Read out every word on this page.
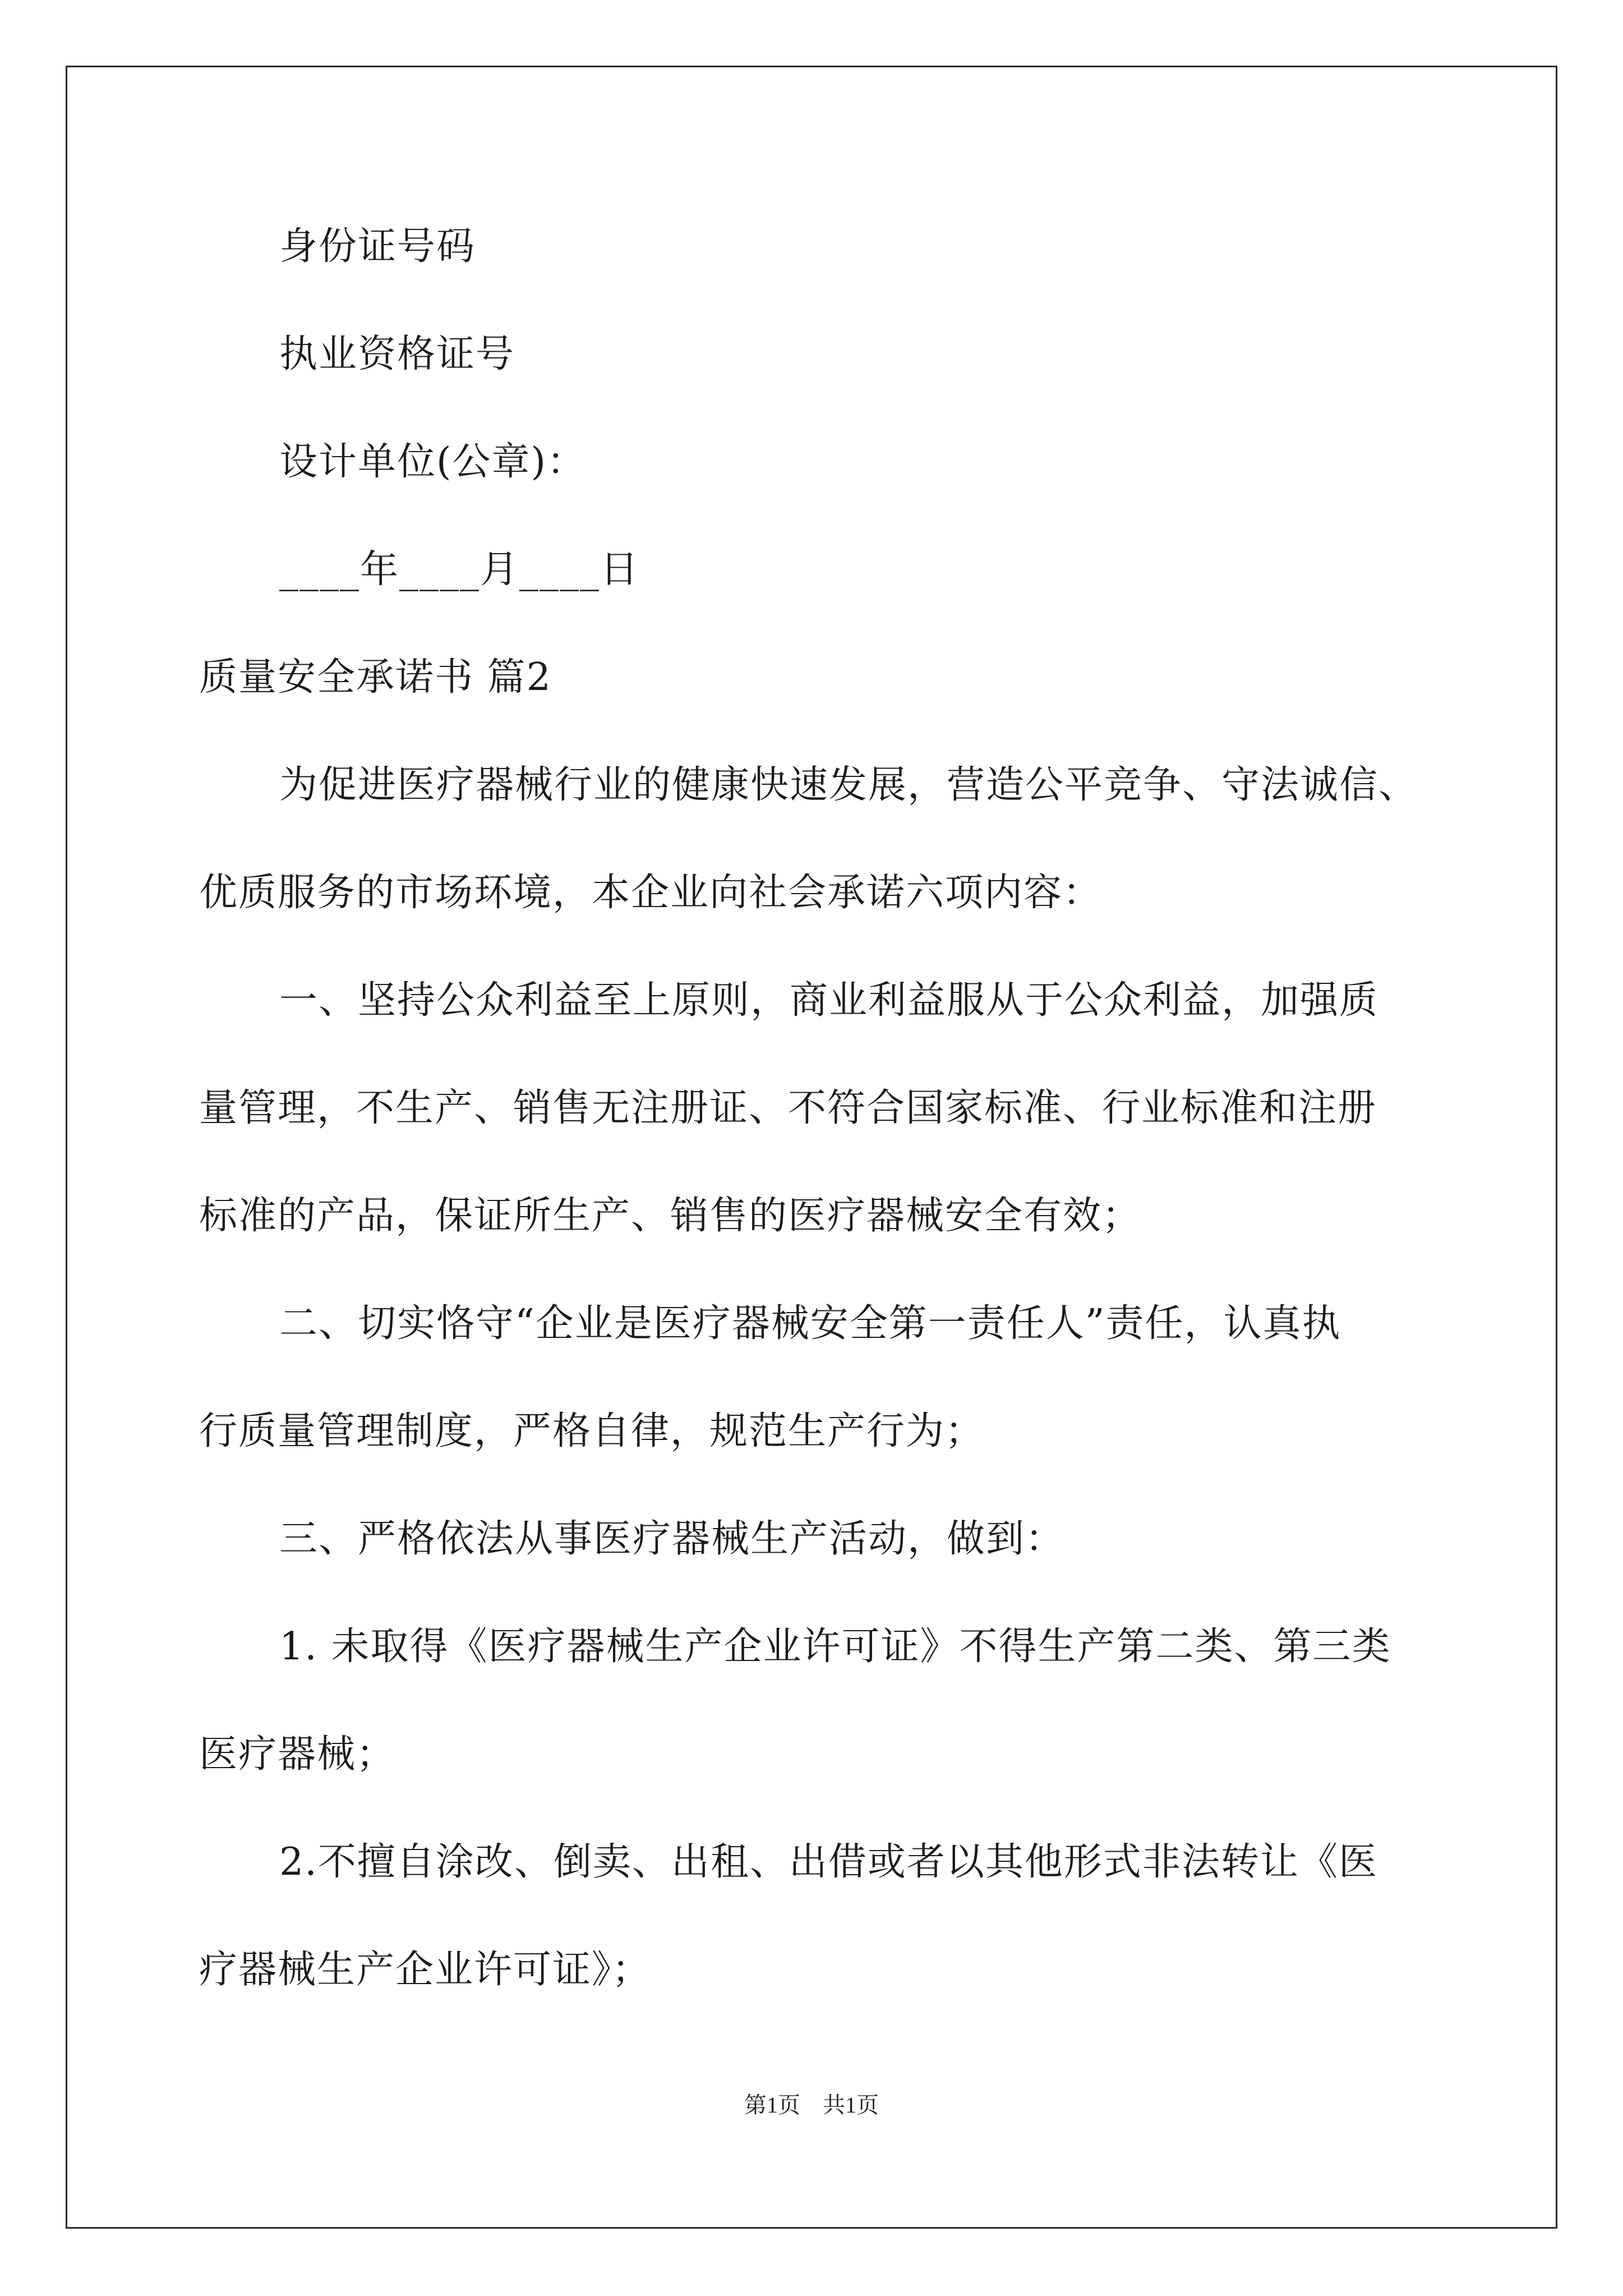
身份证号码
执业资格证号
设计单位(公章)：
____年____月____日
质量安全承诺书 篇2
为促进医疗器械行业的健康快速发展，营造公平竞争、守法诚信、
优质服务的市场环境，本企业向社会承诺六项内容：
一、坚持公众利益至上原则，商业利益服从于公众利益，加强质
量管理，不生产、销售无注册证、不符合国家标准、行业标准和注册
标准的产品，保证所生产、销售的医疗器械安全有效；
二、切实恪守“企业是医疗器械安全第一责任人”责任，认真执
行质量管理制度，严格自律，规范生产行为；
三、严格依法从事医疗器械生产活动，做到：
1. 未取得《医疗器械生产企业许可证》不得生产第二类、第三类
医疗器械；
2.不擅自涂改、倒卖、出租、出借或者以其他形式非法转让《医
疗器械生产企业许可证》；
第1页　共1页
